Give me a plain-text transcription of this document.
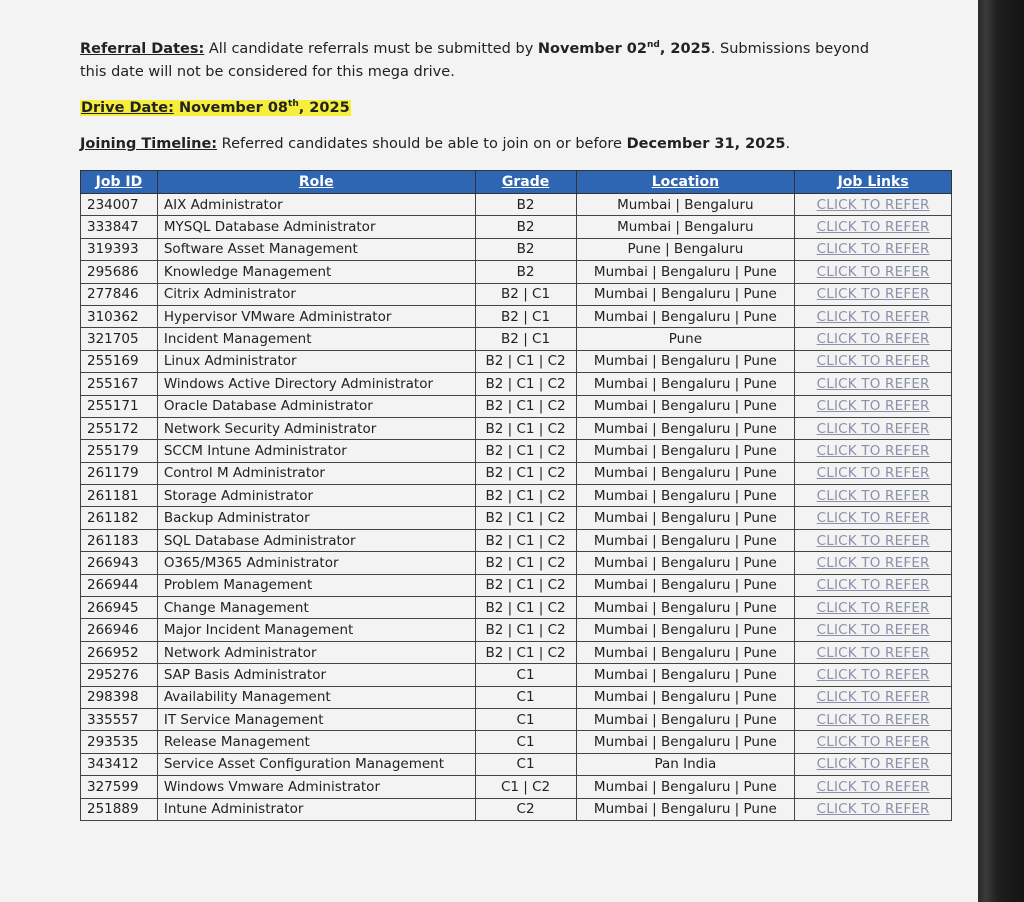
Referral Dates: All candidate referrals must be submitted by November 02nd, 2025. Submissions beyond this date will not be considered for this mega drive.
Drive Date: November 08th, 2025
Joining Timeline: Referred candidates should be able to join on or before December 31, 2025.
Job ID	Role	Grade	Location	Job Links
234007	AIX Administrator	B2	Mumbai | Bengaluru	CLICK TO REFER
333847	MYSQL Database Administrator	B2	Mumbai | Bengaluru	CLICK TO REFER
319393	Software Asset Management	B2	Pune | Bengaluru	CLICK TO REFER
295686	Knowledge Management	B2	Mumbai | Bengaluru | Pune	CLICK TO REFER
277846	Citrix Administrator	B2 | C1	Mumbai | Bengaluru | Pune	CLICK TO REFER
310362	Hypervisor VMware Administrator	B2 | C1	Mumbai | Bengaluru | Pune	CLICK TO REFER
321705	Incident Management	B2 | C1	Pune	CLICK TO REFER
255169	Linux Administrator	B2 | C1 | C2	Mumbai | Bengaluru | Pune	CLICK TO REFER
255167	Windows Active Directory Administrator	B2 | C1 | C2	Mumbai | Bengaluru | Pune	CLICK TO REFER
255171	Oracle Database Administrator	B2 | C1 | C2	Mumbai | Bengaluru | Pune	CLICK TO REFER
255172	Network Security Administrator	B2 | C1 | C2	Mumbai | Bengaluru | Pune	CLICK TO REFER
255179	SCCM Intune Administrator	B2 | C1 | C2	Mumbai | Bengaluru | Pune	CLICK TO REFER
261179	Control M Administrator	B2 | C1 | C2	Mumbai | Bengaluru | Pune	CLICK TO REFER
261181	Storage Administrator	B2 | C1 | C2	Mumbai | Bengaluru | Pune	CLICK TO REFER
261182	Backup Administrator	B2 | C1 | C2	Mumbai | Bengaluru | Pune	CLICK TO REFER
261183	SQL Database Administrator	B2 | C1 | C2	Mumbai | Bengaluru | Pune	CLICK TO REFER
266943	O365/M365 Administrator	B2 | C1 | C2	Mumbai | Bengaluru | Pune	CLICK TO REFER
266944	Problem Management	B2 | C1 | C2	Mumbai | Bengaluru | Pune	CLICK TO REFER
266945	Change Management	B2 | C1 | C2	Mumbai | Bengaluru | Pune	CLICK TO REFER
266946	Major Incident Management	B2 | C1 | C2	Mumbai | Bengaluru | Pune	CLICK TO REFER
266952	Network Administrator	B2 | C1 | C2	Mumbai | Bengaluru | Pune	CLICK TO REFER
295276	SAP Basis Administrator	C1	Mumbai | Bengaluru | Pune	CLICK TO REFER
298398	Availability Management	C1	Mumbai | Bengaluru | Pune	CLICK TO REFER
335557	IT Service Management	C1	Mumbai | Bengaluru | Pune	CLICK TO REFER
293535	Release Management	C1	Mumbai | Bengaluru | Pune	CLICK TO REFER
343412	Service Asset Configuration Management	C1	Pan India	CLICK TO REFER
327599	Windows Vmware Administrator	C1 | C2	Mumbai | Bengaluru | Pune	CLICK TO REFER
251889	Intune Administrator	C2	Mumbai | Bengaluru | Pune	CLICK TO REFER
